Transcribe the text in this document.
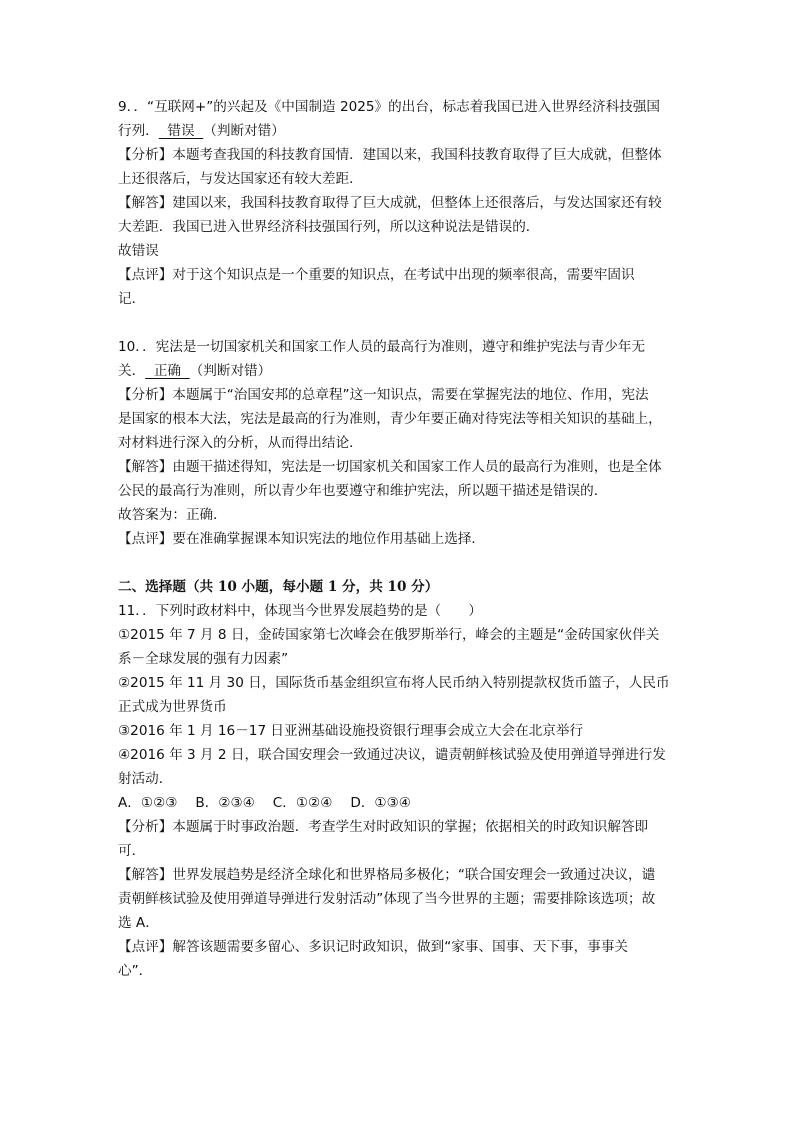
9．．“互联网+”的兴起及《中国制造 2025》的出台，标志着我国已进入世界经济科技强国
行列．  错误  （判断对错）
【分析】本题考查我国的科技教育国情．建国以来，我国科技教育取得了巨大成就，但整体
上还很落后，与发达国家还有较大差距．
【解答】建国以来，我国科技教育取得了巨大成就，但整体上还很落后，与发达国家还有较
大差距．我国已进入世界经济科技强国行列，所以这种说法是错误的．
故错误
【点评】对于这个知识点是一个重要的知识点，在考试中出现的频率很高，需要牢固识
记．
10．．宪法是一切国家机关和国家工作人员的最高行为准则，遵守和维护宪法与青少年无
关．  正确  （判断对错）
【分析】本题属于“治国安邦的总章程”这一知识点，需要在掌握宪法的地位、作用，宪法
是国家的根本大法，宪法是最高的行为准则，青少年要正确对待宪法等相关知识的基础上，
对材料进行深入的分析，从而得出结论．
【解答】由题干描述得知，宪法是一切国家机关和国家工作人员的最高行为准则，也是全体
公民的最高行为准则，所以青少年也要遵守和维护宪法，所以题干描述是错误的．
故答案为：正确．
【点评】要在准确掌握课本知识宪法的地位作用基础上选择．
二、选择题（共 10 小题，每小题 1 分，共 10 分）
11．．下列时政材料中，体现当今世界发展趋势的是（　　）
①2015 年 7 月 8 日，金砖国家第七次峰会在俄罗斯举行，峰会的主题是“金砖国家伙伴关
系－全球发展的强有力因素”
②2015 年 11 月 30 日，国际货币基金组织宣布将人民币纳入特别提款权货币篮子，人民币
正式成为世界货币
③2016 年 1 月 16－17 日亚洲基础设施投资银行理事会成立大会在北京举行
④2016 年 3 月 2 日，联合国安理会一致通过决议，谴责朝鲜核试验及使用弹道导弹进行发
射活动．
A．①②③　 B．②③④　 C．①②④　 D．①③④
【分析】本题属于时事政治题．考查学生对时政知识的掌握；依据相关的时政知识解答即
可．
【解答】世界发展趋势是经济全球化和世界格局多极化；“联合国安理会一致通过决议，谴
责朝鲜核试验及使用弹道导弹进行发射活动”体现了当今世界的主题；需要排除该选项；故
选 A．
【点评】解答该题需要多留心、多识记时政知识，做到“家事、国事、天下事，事事关
心”．
